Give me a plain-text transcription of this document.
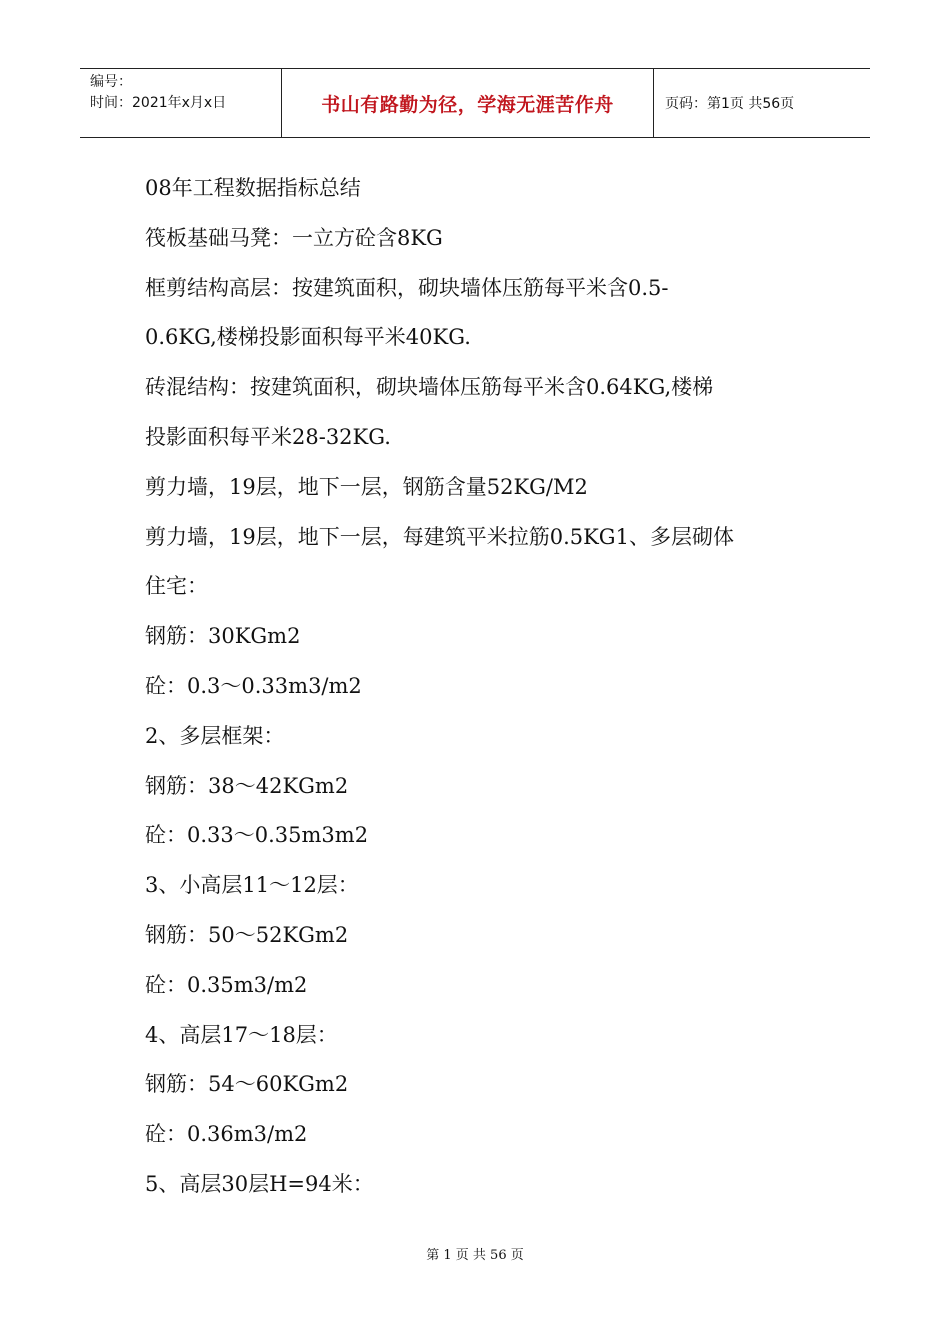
编号：
时间：2021年x月x日	书山有路勤为径，学海无涯苦作舟	页码：第1页 共56页
08年工程数据指标总结
筏板基础马凳：一立方砼含8KG
框剪结构高层：按建筑面积，砌块墙体压筋每平米含0.5-
0.6KG,楼梯投影面积每平米40KG.
砖混结构：按建筑面积，砌块墙体压筋每平米含0.64KG,楼梯
投影面积每平米28-32KG.
剪力墙，19层，地下一层，钢筋含量52KG/M2
剪力墙，19层，地下一层，每建筑平米拉筋0.5KG1、多层砌体
住宅：
钢筋：30KGm2
砼：0.3～0.33m3/m2
2、多层框架：
钢筋：38～42KGm2
砼：0.33～0.35m3m2
3、小高层11～12层：
钢筋：50～52KGm2
砼：0.35m3/m2
4、高层17～18层：
钢筋：54～60KGm2
砼：0.36m3/m2
5、高层30层H=94米：
第 1 页 共 56 页
